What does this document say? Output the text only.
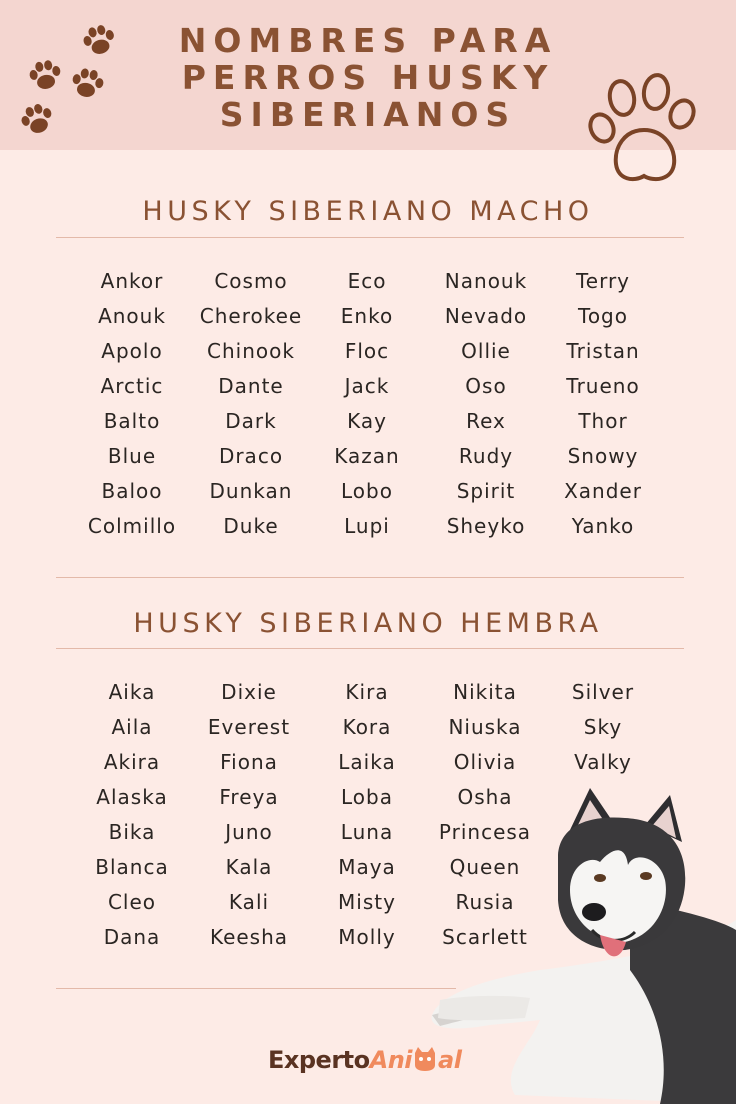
NOMBRES PARA
PERROS HUSKY
SIBERIANOS
HUSKY SIBERIANO MACHO
Ankor
Anouk
Apolo
Arctic
Balto
Blue
Baloo
Colmillo
Cosmo
Cherokee
Chinook
Dante
Dark
Draco
Dunkan
Duke
Eco
Enko
Floc
Jack
Kay
Kazan
Lobo
Lupi
Nanouk
Nevado
Ollie
Oso
Rex
Rudy
Spirit
Sheyko
Terry
Togo
Tristan
Trueno
Thor
Snowy
Xander
Yanko
HUSKY SIBERIANO HEMBRA
Aika
Aila
Akira
Alaska
Bika
Blanca
Cleo
Dana
Dixie
Everest
Fiona
Freya
Juno
Kala
Kali
Keesha
Kira
Kora
Laika
Loba
Luna
Maya
Misty
Molly
Nikita
Niuska
Olivia
Osha
Princesa
Queen
Rusia
Scarlett
Silver
Sky
Valky
ExpertoAni al
